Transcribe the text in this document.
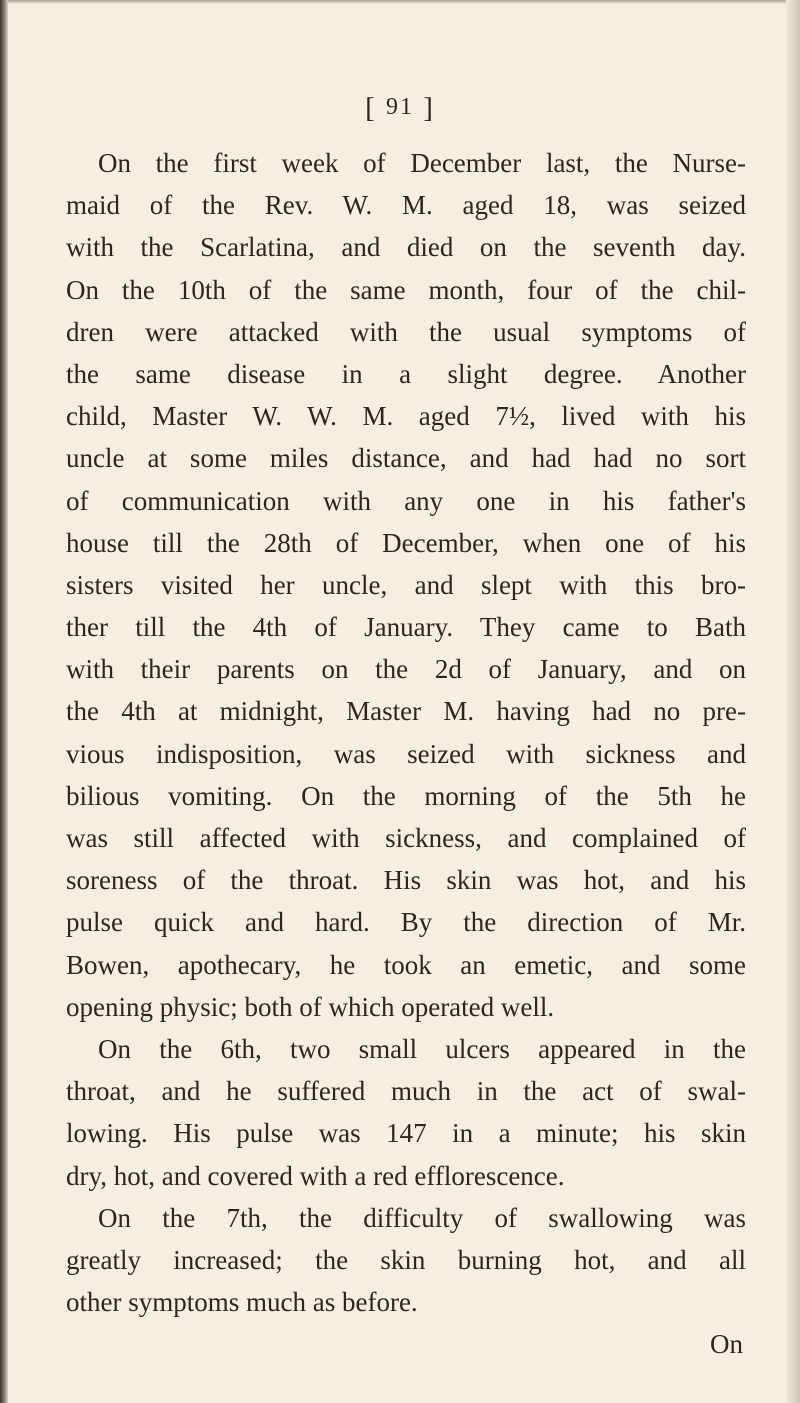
[ 91 ]
On the first week of December last, the Nurse-
maid of the Rev. W. M. aged 18, was seized
with the Scarlatina, and died on the seventh day.
On the 10th of the same month, four of the chil-
dren were attacked with the usual symptoms of
the same disease in a slight degree. Another
child, Master W. W. M. aged 7½, lived with his
uncle at some miles distance, and had had no sort
of communication with any one in his father's
house till the 28th of December, when one of his
sisters visited her uncle, and slept with this bro-
ther till the 4th of January. They came to Bath
with their parents on the 2d of January, and on
the 4th at midnight, Master M. having had no pre-
vious indisposition, was seized with sickness and
bilious vomiting. On the morning of the 5th he
was still affected with sickness, and complained of
soreness of the throat. His skin was hot, and his
pulse quick and hard. By the direction of Mr.
Bowen, apothecary, he took an emetic, and some
opening physic; both of which operated well.
On the 6th, two small ulcers appeared in the
throat, and he suffered much in the act of swal-
lowing. His pulse was 147 in a minute; his skin
dry, hot, and covered with a red efflorescence.
On the 7th, the difficulty of swallowing was
greatly increased; the skin burning hot, and all
other symptoms much as before.
On
